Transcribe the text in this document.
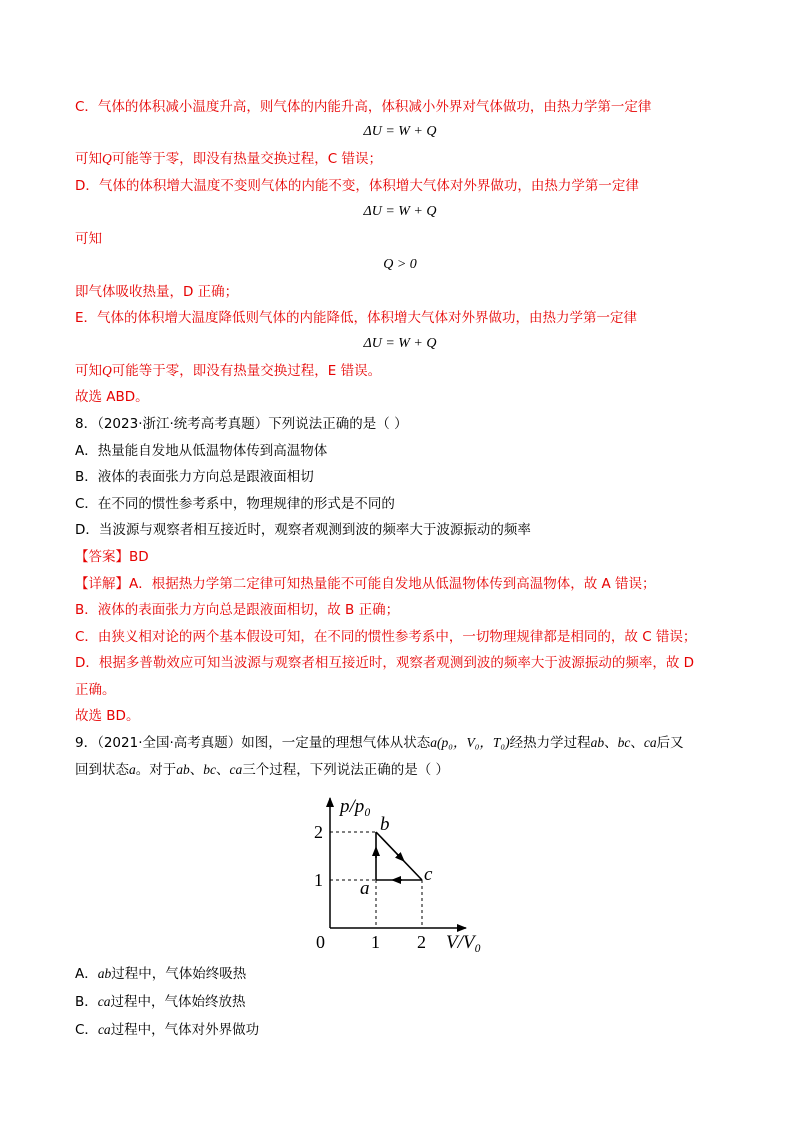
C．气体的体积减小温度升高，则气体的内能升高，体积减小外界对气体做功，由热力学第一定律
ΔU = W + Q
可知Q可能等于零，即没有热量交换过程，C 错误；
D．气体的体积增大温度不变则气体的内能不变，体积增大气体对外界做功，由热力学第一定律
ΔU = W + Q
可知
Q > 0
即气体吸收热量，D 正确；
E．气体的体积增大温度降低则气体的内能降低，体积增大气体对外界做功，由热力学第一定律
ΔU = W + Q
可知Q可能等于零，即没有热量交换过程，E 错误。
故选 ABD。
8．（2023·浙江·统考高考真题）下列说法正确的是（ ）
A．热量能自发地从低温物体传到高温物体
B．液体的表面张力方向总是跟液面相切
C．在不同的惯性参考系中，物理规律的形式是不同的
D．当波源与观察者相互接近时，观察者观测到波的频率大于波源振动的频率
【答案】BD
【详解】A．根据热力学第二定律可知热量能不可能自发地从低温物体传到高温物体，故 A 错误；
B．液体的表面张力方向总是跟液面相切，故 B 正确；
C．由狭义相对论的两个基本假设可知，在不同的惯性参考系中，一切物理规律都是相同的，故 C 错误；
D．根据多普勒效应可知当波源与观察者相互接近时，观察者观测到波的频率大于波源振动的频率，故 D
正确。
故选 BD。
9．（2021·全国·高考真题）如图，一定量的理想气体从状态a(p₀，V₀，T₀)经热力学过程ab、bc、ca后又
回到状态a。对于ab、bc、ca三个过程，下列说法正确的是（ ）
p/p₀
V/V₀
0	1 2
1
2
a
b
c
A．ab过程中，气体始终吸热
B．ca过程中，气体始终放热
C．ca过程中，气体对外界做功
